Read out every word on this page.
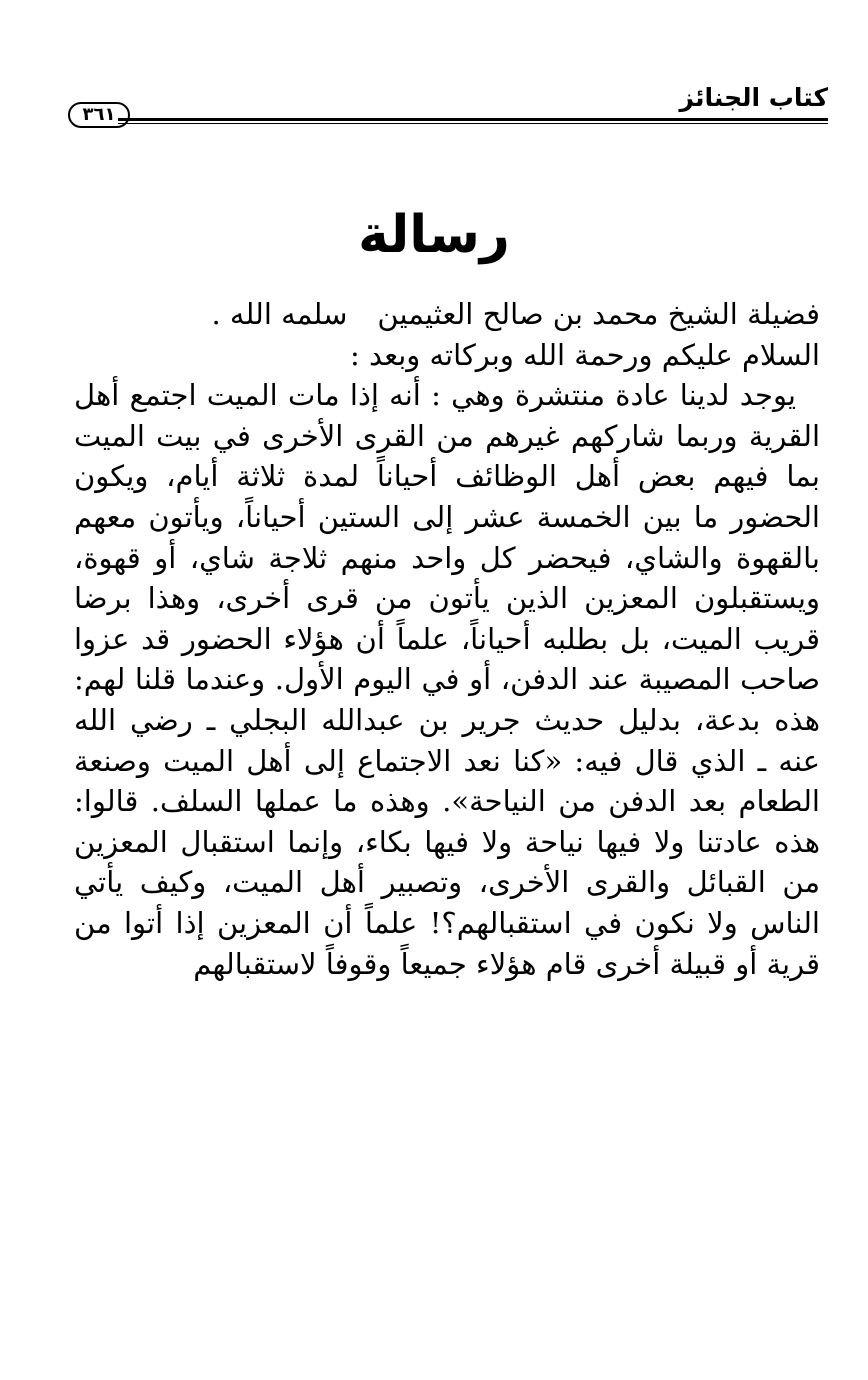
كتاب الجنائز
٣٦١
رسالة

فضيلة الشيخ محمد بن صالح العثيمينسلمه الله .

السلام عليكم ورحمة الله وبركاته وبعد :

يوجد لدينا عادة منتشرة وهي : أنه إذا مات الميت اجتمع أهل القرية وربما شاركهم غيرهم من القرى الأخرى في بيت الميت بما فيهم بعض أهل الوظائف أحياناً لمدة ثلاثة أيام، ويكون الحضور ما بين الخمسة عشر إلى الستين أحياناً، ويأتون معهم بالقهوة والشاي، فيحضر كل واحد منهم ثلاجة شاي، أو قهوة، ويستقبلون المعزين الذين يأتون من قرى أخرى، وهذا برضا قريب الميت، بل بطلبه أحياناً، علماً أن هؤلاء الحضور قد عزوا صاحب المصيبة عند الدفن، أو في اليوم الأول. وعندما قلنا لهم: هذه بدعة، بدليل حديث جرير بن عبدالله البجلي ـ رضي الله عنه ـ الذي قال فيه: «كنا نعد الاجتماع إلى أهل الميت وصنعة الطعام بعد الدفن من النياحة». وهذه ما عملها السلف. قالوا: هذه عادتنا ولا فيها نياحة ولا فيها بكاء، وإنما استقبال المعزين من القبائل والقرى الأخرى، وتصبير أهل الميت، وكيف يأتي الناس ولا نكون في استقبالهم؟! علماً أن المعزين إذا أتوا من قرية أو قبيلة أخرى قام هؤلاء جميعاً وقوفاً لاستقبالهم
